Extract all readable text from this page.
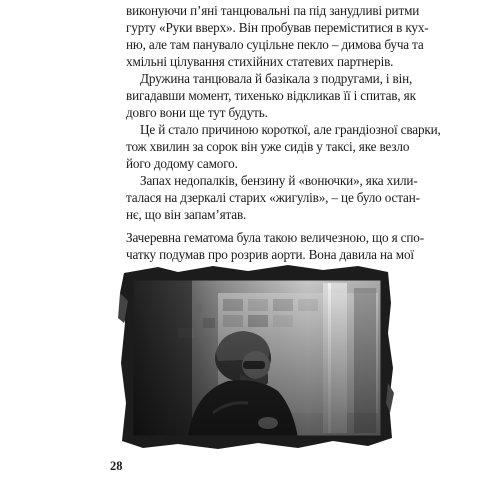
виконуючи п’яні танцювальні па під занудливі ритми
гурту «Руки вверх». Він пробував переміститися в кух-
ню, але там панувало суцільне пекло – димова буча та
хмільні цілування стихійних статевих партнерів.
Дружина танцювала й базікала з подругами, і він,
вигадавши момент, тихенько відкликав її і спитав, як
довго вони ще тут будуть.
Це й стало причиною короткої, але грандіозної сварки,
тож хвилин за сорок він уже сидів у таксі, яке везло
його додому самого.
Запах недопалків, бензину й «вонючки», яка хили-
талася на дзеркалі старих «жигулів», – це було остан-
нє, що він запам’ятав.
Зачеревна гематома була такою величезною, що я спо-
чатку подумав про розрив аорти. Вона давила на мої
28
